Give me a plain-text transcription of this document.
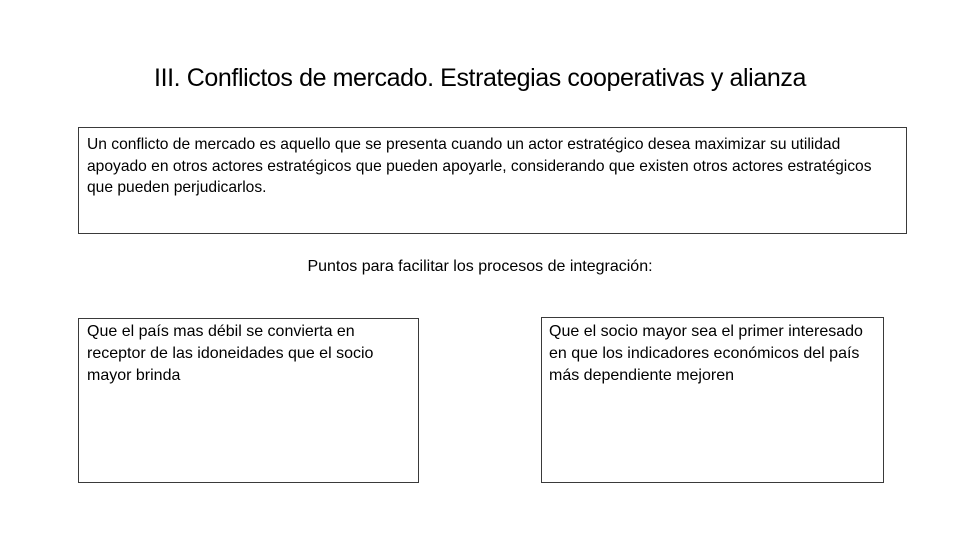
III. Conflictos de mercado. Estrategias cooperativas y alianza
Un conflicto de mercado es aquello que se presenta cuando un actor estratégico desea maximizar su utilidad apoyado en otros actores estratégicos que pueden apoyarle, considerando que existen otros actores estratégicos que pueden perjudicarlos.
Puntos para facilitar los procesos de integración:
Que el país mas débil se convierta en receptor de las idoneidades que el socio mayor brinda
Que el socio mayor sea el primer interesado en que los indicadores económicos del país más dependiente mejoren
